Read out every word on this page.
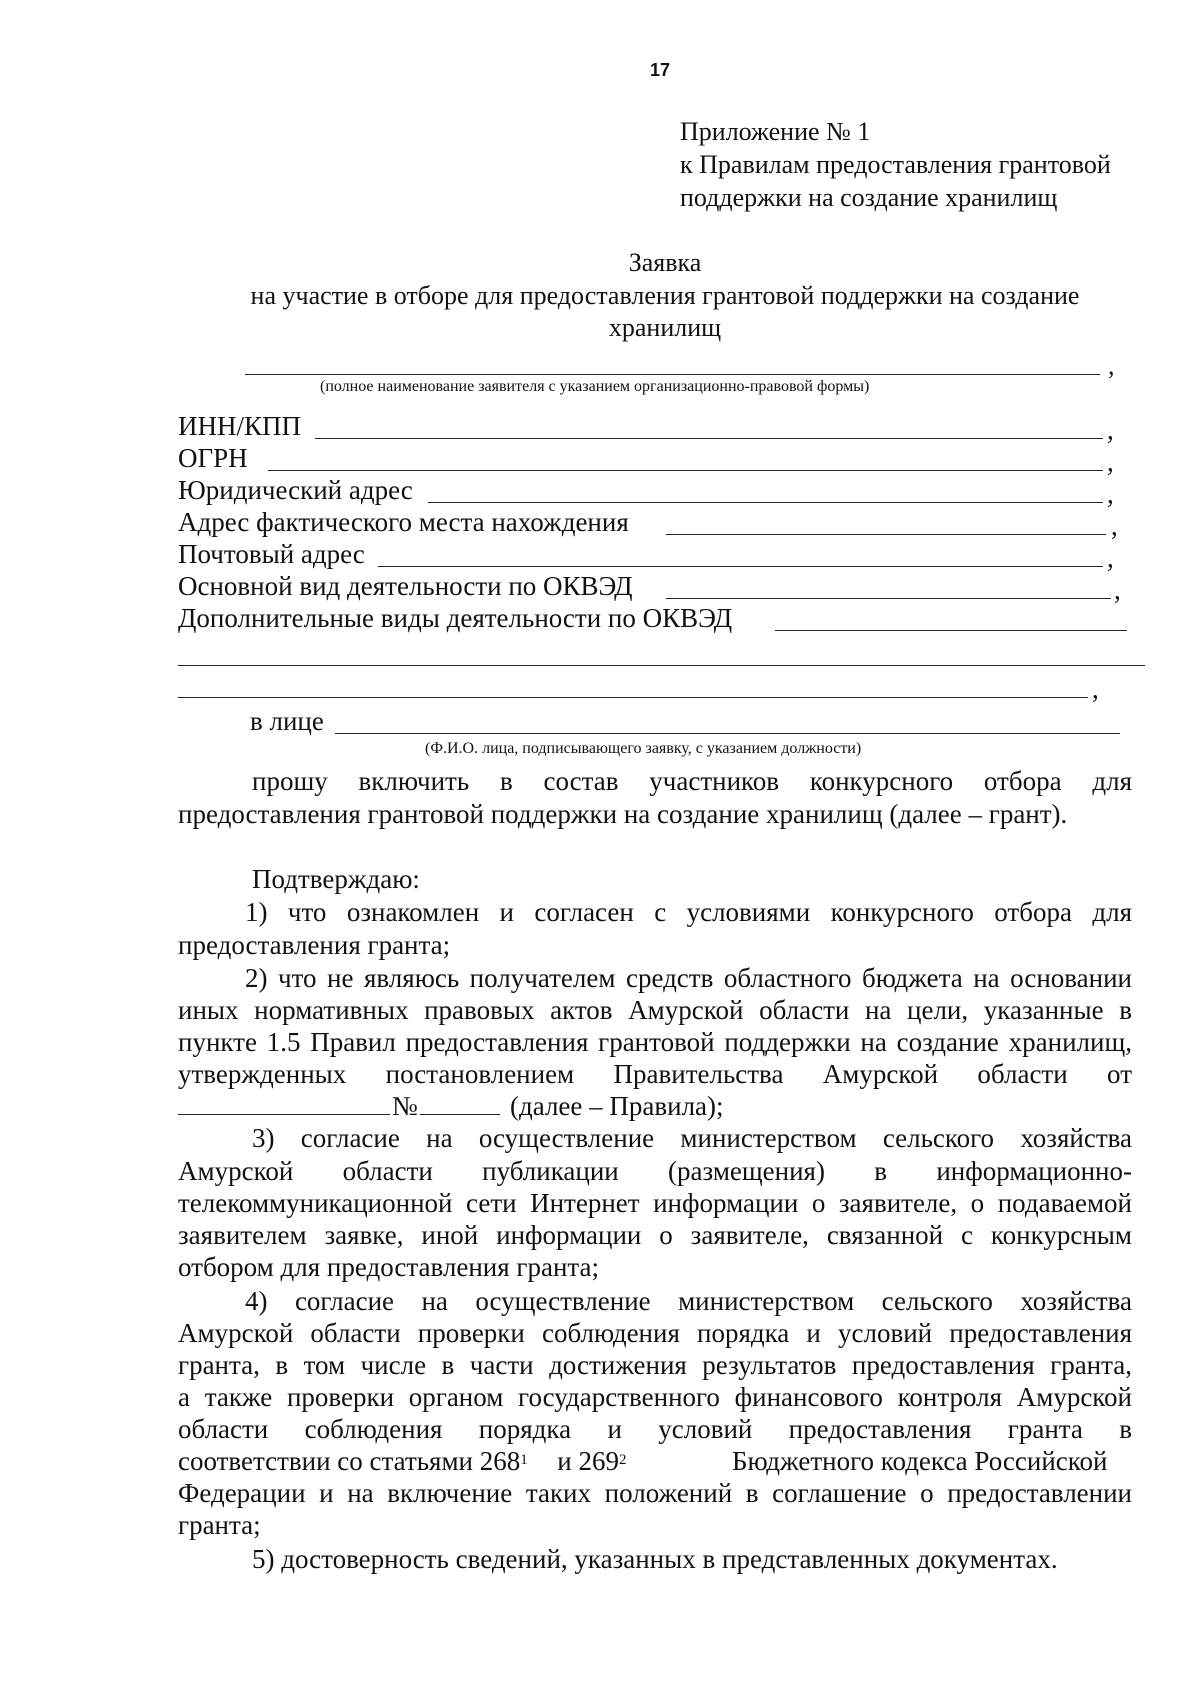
17
Приложение № 1
к Правилам предоставления грантовой
поддержки на создание хранилищ
Заявка
на участие в отборе для предоставления грантовой поддержки на создание
хранилищ
,
(полное наименование заявителя с указанием организационно-правовой формы)
ИНН/КПП	,
ОГРН	,
Юридический адрес	,
Адрес фактического места нахождения	,
Почтовый адрес	,
Основной вид деятельности по ОКВЭД	,
Дополнительные виды деятельности по ОКВЭД
,
в лице
(Ф.И.О. лица, подписывающего заявку, с указанием должности)
прошу включить в состав участников конкурсного отбора для
предоставления грантовой поддержки на создание хранилищ (далее – грант).
Подтверждаю:
1) что ознакомлен и согласен с условиями конкурсного отбора для
предоставления гранта;
2) что не являюсь получателем средств областного бюджета на основании
иных нормативных правовых актов Амурской области на цели, указанные в
пункте 1.5 Правил предоставления грантовой поддержки на создание хранилищ,
утвержденных постановлением Правительства Амурской области от
№	(далее – Правила);
3) согласие на осуществление министерством сельского хозяйства
Амурской области публикации (размещения) в информационно-
телекоммуникационной сети Интернет информации о заявителе, о подаваемой
заявителем заявке, иной информации о заявителе, связанной с конкурсным
отбором для предоставления гранта;
4) согласие на осуществление министерством сельского хозяйства
Амурской области проверки соблюдения порядка и условий предоставления
гранта, в том числе в части достижения результатов предоставления гранта,
а также проверки органом государственного финансового контроля Амурской
области соблюдения порядка и условий предоставления гранта в
соответствии со статьями $268^1$ и $269^2$	Бюджетного кодекса Российской
Федерации и на включение таких положений в соглашение о предоставлении
гранта;
5) достоверность сведений, указанных в представленных документах.
